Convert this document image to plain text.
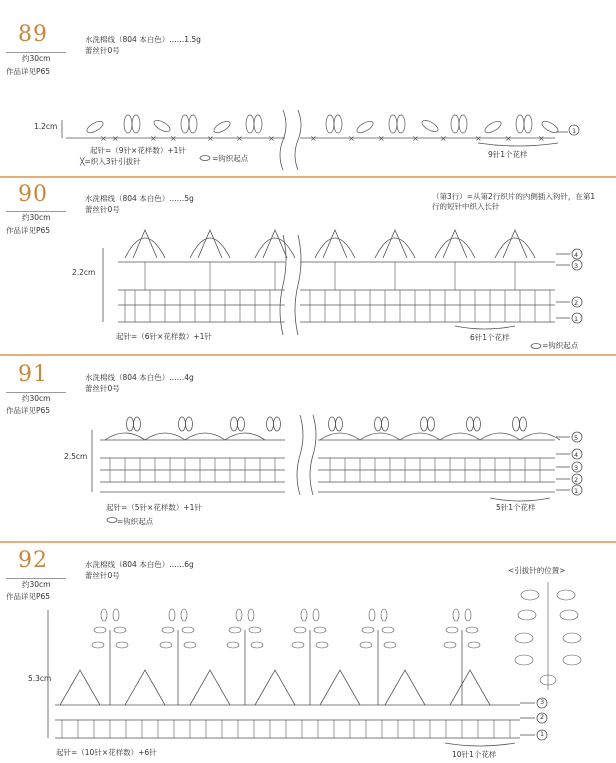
89
约30cm
作品详见P65
水洗棉线（804 本白色）……1.5g
蕾丝针0号
1.2cm
起针=（9针×花样数）+1针
╳=织入3针引拔针	=钩织起点	9针1个花样
1
× ×	× ×	×	×	×	×	×	×	×	×	×	×	×
90
约30cm
作品详见P65
水洗棉线（804 本白色）……5g
蕾丝针0号
（第3行）=从第2行织片的内侧插入钩针，在第1行的短针中织入长针
2.2cm
起针=（6针×花样数）+1针	6针1个花样
=钩织起点
4
3
2
1
91
约30cm
作品详见P65
水洗棉线（804 本白色）……4g
蕾丝针0号
2.5cm
起针=（5针×花样数）+1针
=钩织起点
5针1个花样
5
4
3
2
1
92
约30cm
作品详见P65
水洗棉线（804 本白色）……6g
蕾丝针0号
<引拔针的位置>
5.3cm
起针=（10针×花样数）+6针	10针1个花样
3
2
1
